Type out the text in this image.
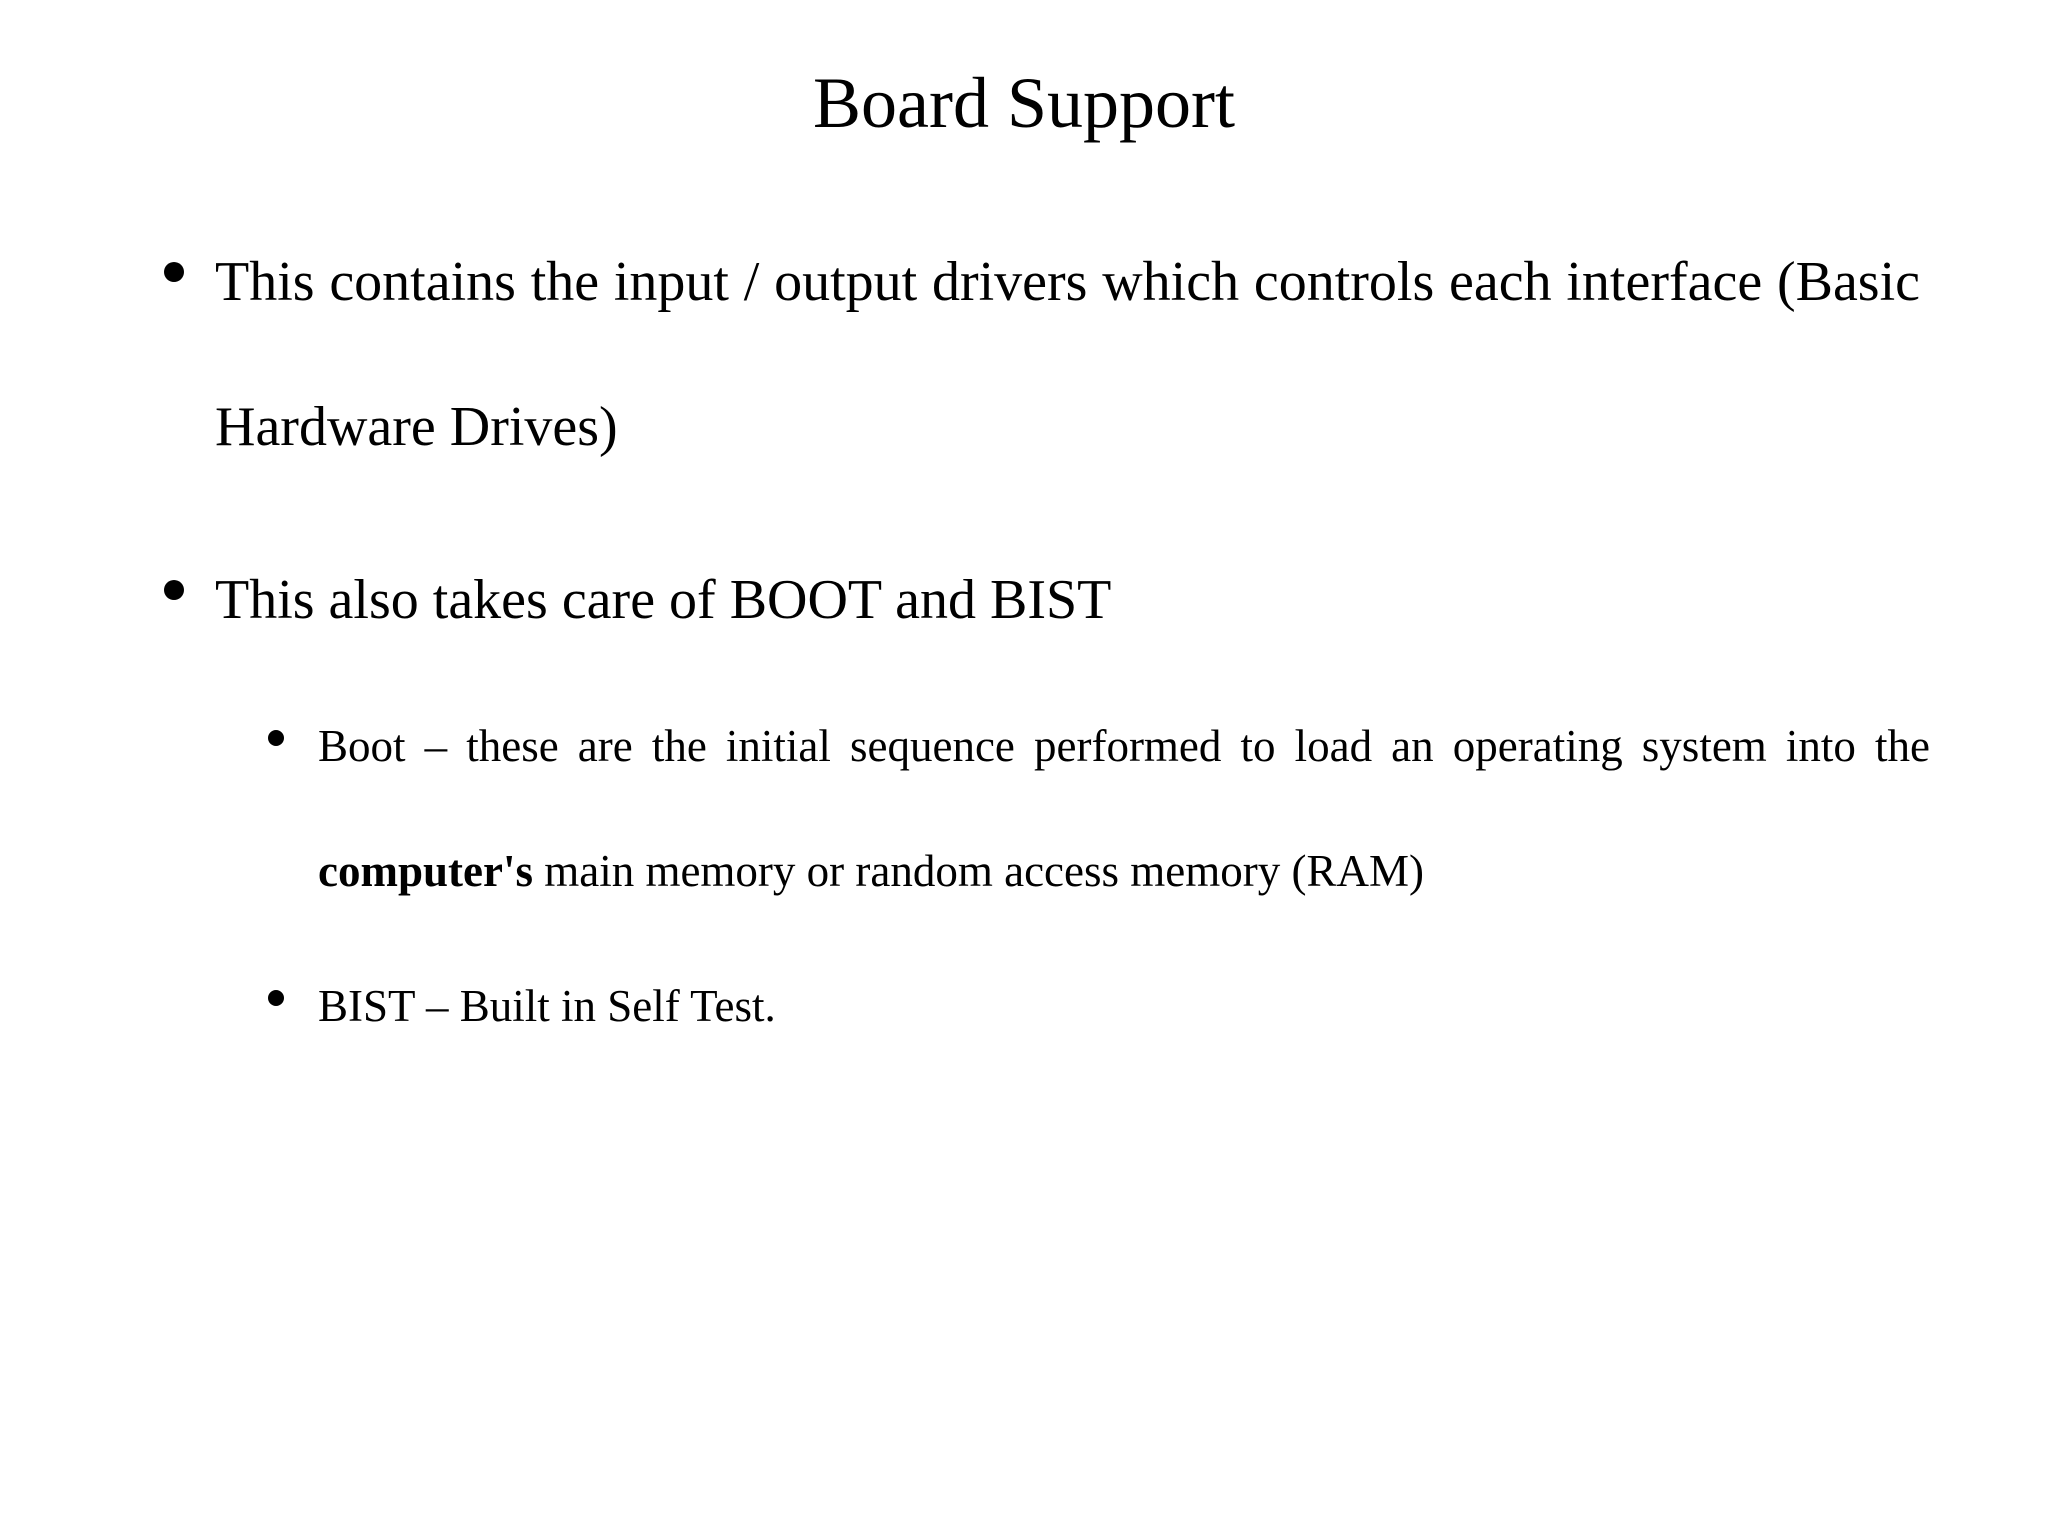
Board Support
This contains the input / output drivers which controls each interface (Basic Hardware Drives)
This also takes care of BOOT and BIST
Boot – these are the initial sequence performed to load an operating system into the computer's main memory or random access memory (RAM)
BIST – Built in Self Test.
